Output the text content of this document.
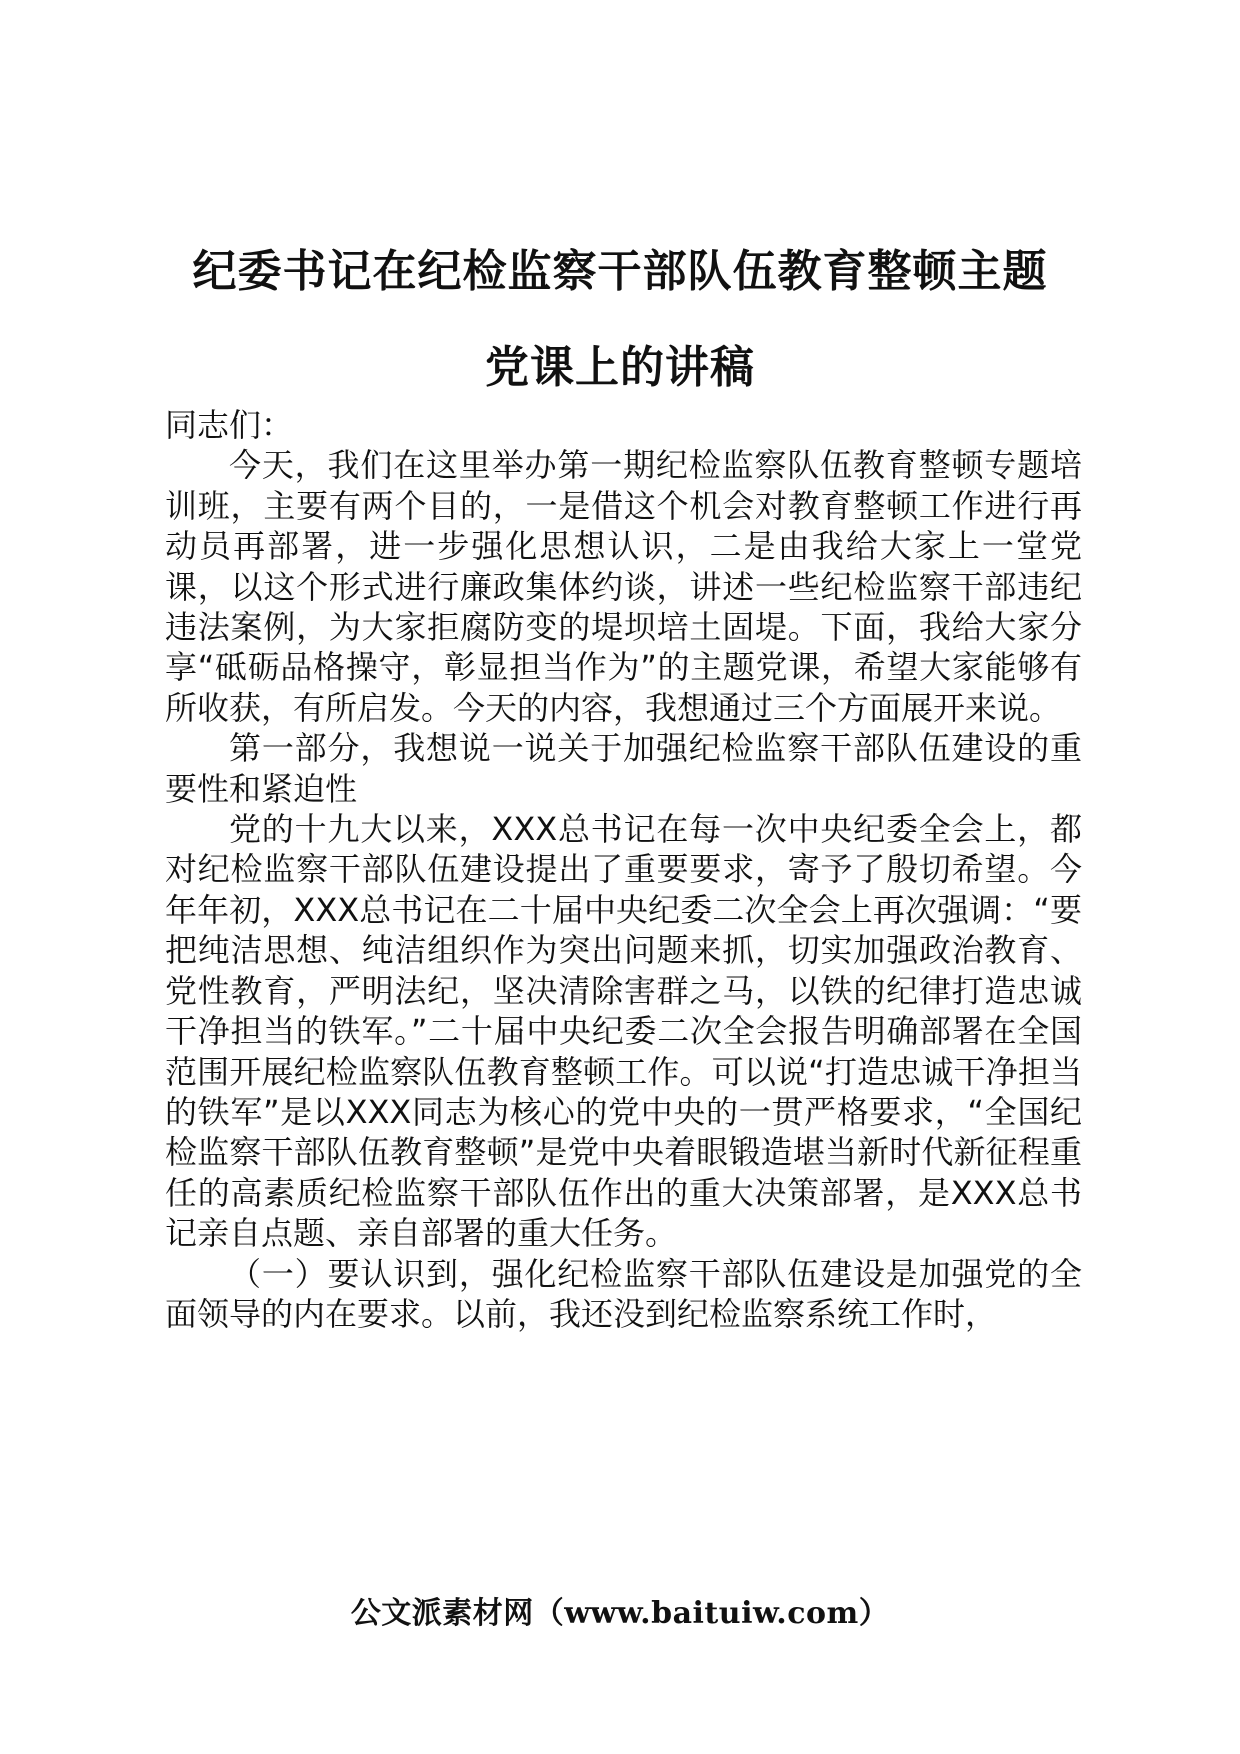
纪委书记在纪检监察干部队伍教育整顿主题
党课上的讲稿

同志们：

今天，我们在这里举办第一期纪检监察队伍教育整顿专题培训班，主要有两个目的，一是借这个机会对教育整顿工作进行再动员再部署，进一步强化思想认识，二是由我给大家上一堂党课，以这个形式进行廉政集体约谈，讲述一些纪检监察干部违纪违法案例，为大家拒腐防变的堤坝培土固堤。下面，我给大家分享“砥砺品格操守，彰显担当作为”的主题党课，希望大家能够有所收获，有所启发。今天的内容，我想通过三个方面展开来说。

第一部分，我想说一说关于加强纪检监察干部队伍建设的重要性和紧迫性

党的十九大以来，XXX总书记在每一次中央纪委全会上，都对纪检监察干部队伍建设提出了重要要求，寄予了殷切希望。今年年初，XXX总书记在二十届中央纪委二次全会上再次强调：“要把纯洁思想、纯洁组织作为突出问题来抓，切实加强政治教育、党性教育，严明法纪，坚决清除害群之马，以铁的纪律打造忠诚干净担当的铁军。”二十届中央纪委二次全会报告明确部署在全国范围开展纪检监察队伍教育整顿工作。可以说“打造忠诚干净担当的铁军”是以XXX同志为核心的党中央的一贯严格要求，“全国纪检监察干部队伍教育整顿”是党中央着眼锻造堪当新时代新征程重任的高素质纪检监察干部队伍作出的重大决策部署，是XXX总书记亲自点题、亲自部署的重大任务。

（一）要认识到，强化纪检监察干部队伍建设是加强党的全面领导的内在要求。以前，我还没到纪检监察系统工作时，

公文派素材网（www.baituiw.com）
